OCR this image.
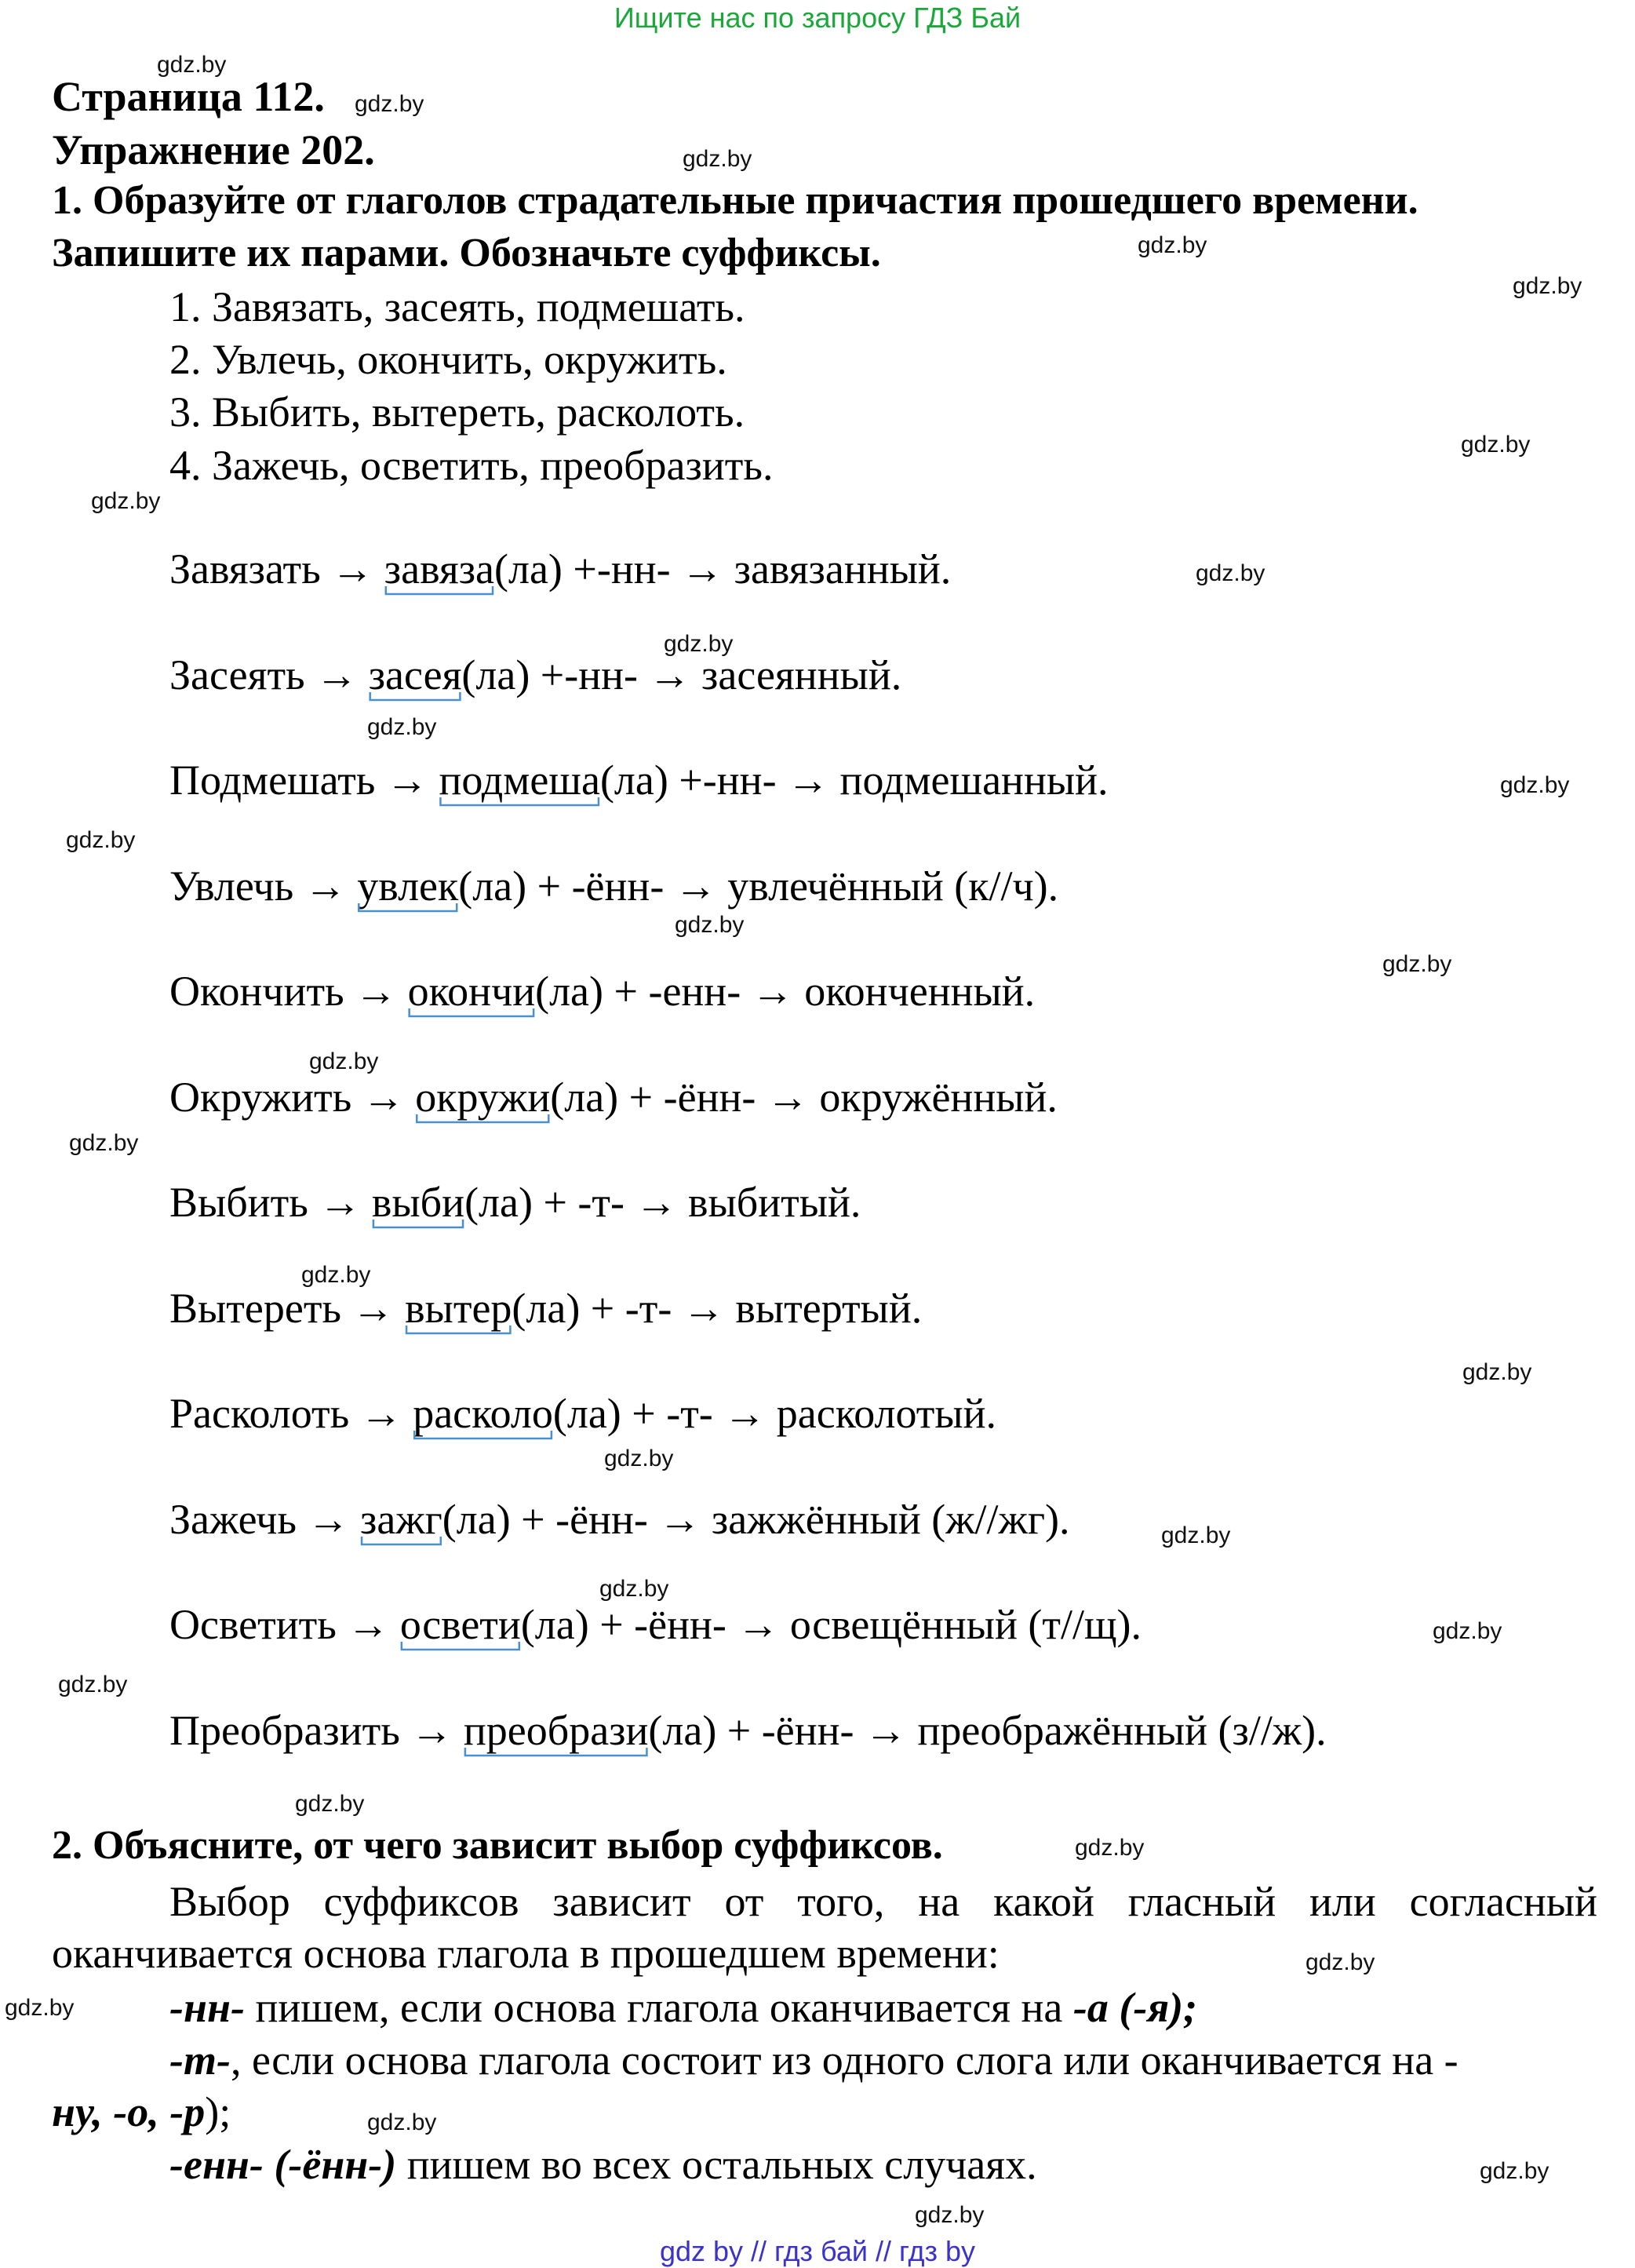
Ищите нас по запросу ГДЗ Бай
Страница 112.
Упражнение 202.
1. Образуйте от глаголов страдательные причастия прошедшего времени.
Запишите их парами. Обозначьте суффиксы.
1. Завязать, засеять, подмешать.
2. Увлечь, окончить, окружить.
3. Выбить, вытереть, расколоть.
4. Зажечь, осветить, преобразить.
Завязать → завяза(ла) +-нн- → завязанный.
Засеять → засея(ла) +-нн- → засеянный.
Подмешать → подмеша(ла) +-нн- → подмешанный.
Увлечь → увлек(ла) + -ённ- → увлечённый (к//ч).
Окончить → окончи(ла) + -енн- → оконченный.
Окружить → окружи(ла) + -ённ- → окружённый.
Выбить → выби(ла) + -т- → выбитый.
Вытереть → вытер(ла) + -т- → вытертый.
Расколоть → расколо(ла) + -т- → расколотый.
Зажечь → зажг(ла) + -ённ- → зажжённый (ж//жг).
Осветить → освети(ла) + -ённ- → освещённый (т//щ).
Преобразить → преобрази(ла) + -ённ- → преображённый (з//ж).
2. Объясните, от чего зависит выбор суффиксов.
Выбор суффиксов зависит от того, на какой гласный или согласный
оканчивается основа глагола в прошедшем времени:
-нн- пишем, если основа глагола оканчивается на -а (-я);
-т-, если основа глагола состоит из одного слога или оканчивается на -
ну, -о, -р);
-енн- (-ённ-) пишем во всех остальных случаях.
gdz.by
gdz.by
gdz.by
gdz.by
gdz.by
gdz.by
gdz.by
gdz.by
gdz.by
gdz.by
gdz.by
gdz.by
gdz.by
gdz.by
gdz.by
gdz.by
gdz.by
gdz.by
gdz.by
gdz.by
gdz.by
gdz.by
gdz.by
gdz.by
gdz.by
gdz.by
gdz.by
gdz.by
gdz.by
gdz.by
gdz by // гдз бай // гдз by
